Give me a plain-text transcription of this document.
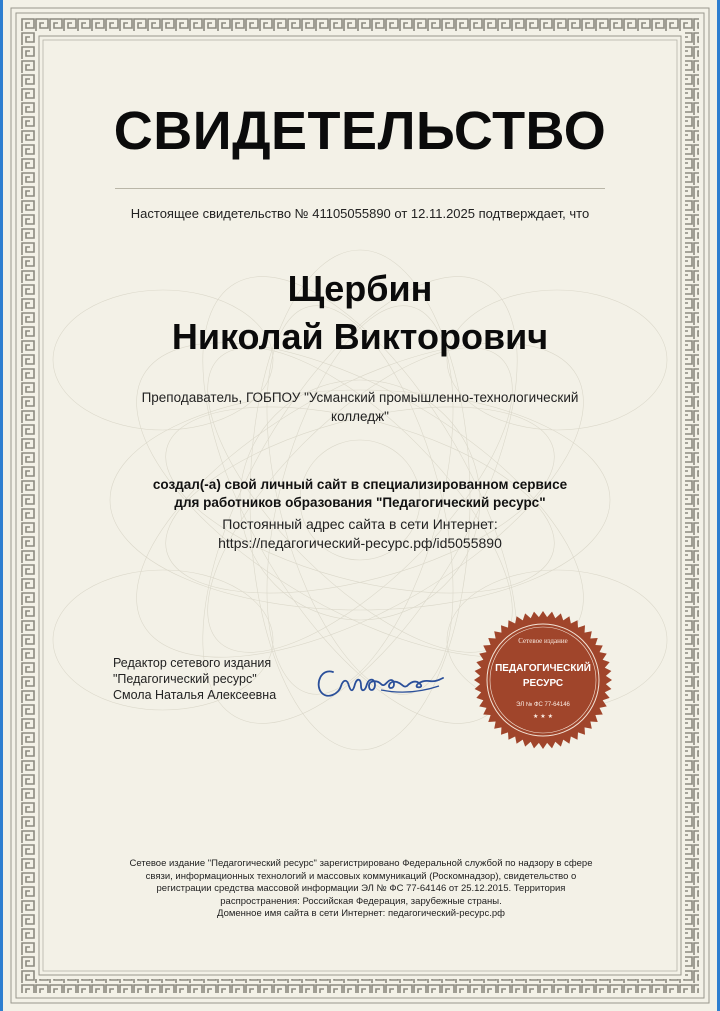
СВИДЕТЕЛЬСТВО
Настоящее свидетельство № 41105055890 от 12.11.2025 подтверждает, что
Щербин
Николай Викторович
Преподаватель, ГОБПОУ "Усманский промышленно-технологический колледж"
создал(-а) свой личный сайт в специализированном сервисе
для работников образования "Педагогический ресурс"
Постоянный адрес сайта в сети Интернет:
https://педагогический-ресурс.рф/id5055890
Редактор сетевого издания
"Педагогический ресурс"
Смола Наталья Алексеевна
Сетевое издание
ПЕДАГОГИЧЕСКИЙ
РЕСУРС
ЭЛ № ФС 77-64146
★ ★ ★
Сетевое издание "Педагогический ресурс" зарегистрировано Федеральной службой по надзору в сфере
связи, информационных технологий и массовых коммуникаций (Роскомнадзор), свидетельство о
регистрации средства массовой информации ЭЛ № ФС 77-64146 от 25.12.2015. Территория
распространения: Российская Федерация, зарубежные страны.
Доменное имя сайта в сети Интернет: педагогический-ресурс.рф
